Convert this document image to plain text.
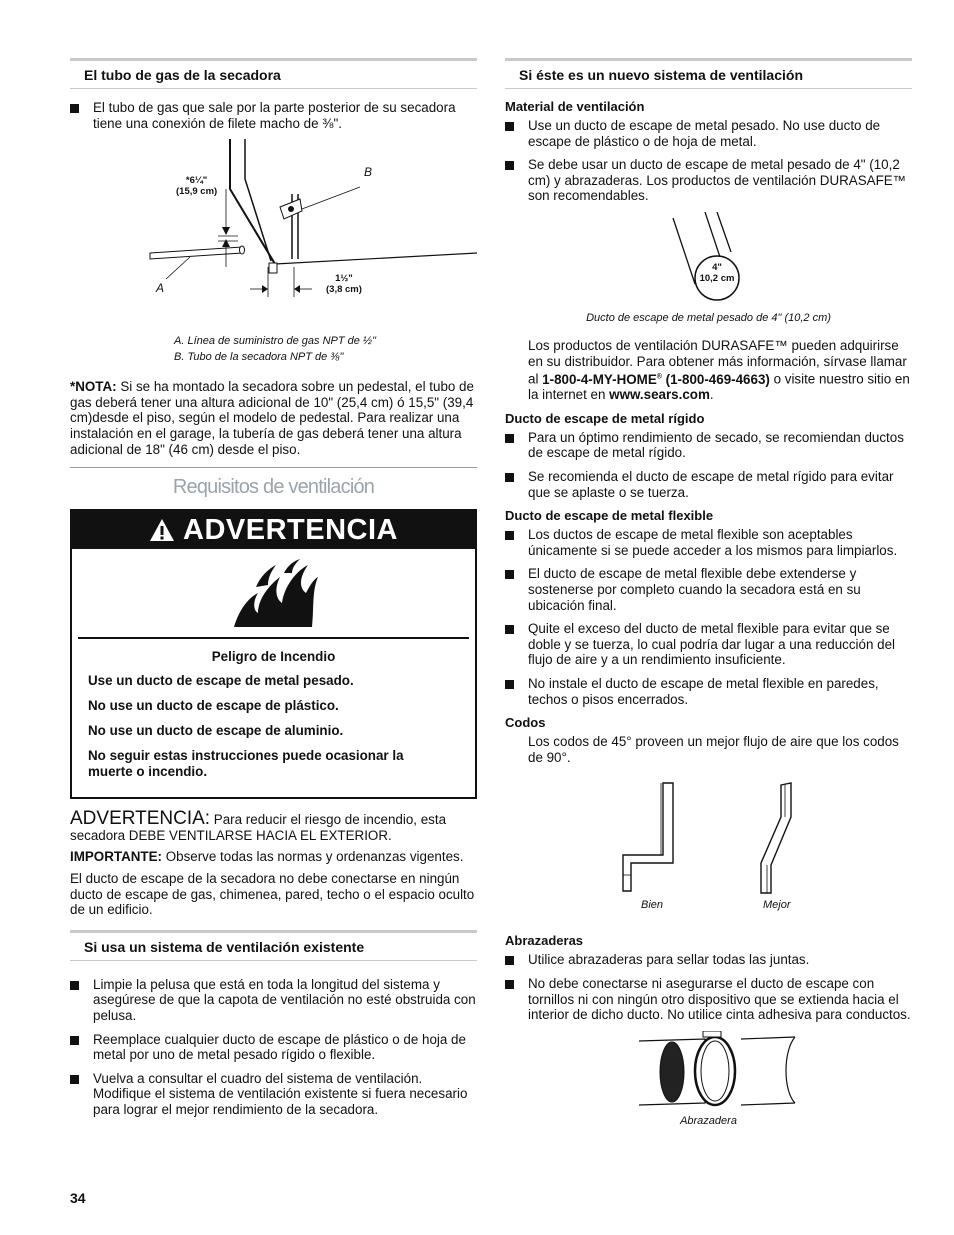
El tubo de gas de la secadora
El tubo de gas que sale por la parte posterior de su secadora tiene una conexión de filete macho de ⅜".
*6¼"
(15,9 cm)
B
A
1½"
(3,8 cm)
A. Línea de suministro de gas NPT de ½"
B. Tubo de la secadora NPT de ⅜"

*NOTA: Si se ha montado la secadora sobre un pedestal, el tubo de gas deberá tener una altura adicional de 10" (25,4 cm) ó 15,5" (39,4 cm)desde el piso, según el modelo de pedestal. Para realizar una instalación en el garage, la tubería de gas deberá tener una altura adicional de 18" (46 cm) desde el piso.

Requisitos de ventilación
ADVERTENCIA
Peligro de Incendio

Use un ducto de escape de metal pesado.

No use un ducto de escape de plástico.

No use un ducto de escape de aluminio.

No seguir estas instrucciones puede ocasionar la muerte o incendio.

ADVERTENCIA: Para reducir el riesgo de incendio, esta secadora DEBE VENTILARSE HACIA EL EXTERIOR.

IMPORTANTE: Observe todas las normas y ordenanzas vigentes.

El ducto de escape de la secadora no debe conectarse en ningún ducto de escape de gas, chimenea, pared, techo o el espacio oculto de un edificio.

Si usa un sistema de ventilación existente
Limpie la pelusa que está en toda la longitud del sistema y asegúrese de que la capota de ventilación no esté obstruida con pelusa.
Reemplace cualquier ducto de escape de plástico o de hoja de metal por uno de metal pesado rígido o flexible.
Vuelva a consultar el cuadro del sistema de ventilación. Modifique el sistema de ventilación existente si fuera necesario para lograr el mejor rendimiento de la secadora.
34
Si éste es un nuevo sistema de ventilación
Material de ventilación
Use un ducto de escape de metal pesado. No use ducto de escape de plástico o de hoja de metal.
Se debe usar un ducto de escape de metal pesado de 4" (10,2 cm) y abrazaderas. Los productos de ventilación DURASAFE™ son recomendables.
4"
10,2 cm
Ducto de escape de metal pesado de 4" (10,2 cm)

Los productos de ventilación DURASAFE™ pueden adquirirse en su distribuidor. Para obtener más información, sírvase llamar al 1-800-4-MY-HOME® (1-800-469-4663) o visite nuestro sitio en la internet en www.sears.com.

Ducto de escape de metal rígido
Para un óptimo rendimiento de secado, se recomiendan ductos de escape de metal rígido.
Se recomienda el ducto de escape de metal rígido para evitar que se aplaste o se tuerza.
Ducto de escape de metal flexible
Los ductos de escape de metal flexible son aceptables únicamente si se puede acceder a los mismos para limpiarlos.
El ducto de escape de metal flexible debe extenderse y sostenerse por completo cuando la secadora está en su ubicación final.
Quite el exceso del ducto de metal flexible para evitar que se doble y se tuerza, lo cual podría dar lugar a una reducción del flujo de aire y a un rendimiento insuficiente.
No instale el ducto de escape de metal flexible en paredes, techos o pisos encerrados.
Codos

Los codos de 45° proveen un mejor flujo de aire que los codos de 90°.

Bien	Mejor
Abrazaderas
Utilice abrazaderas para sellar todas las juntas.
No debe conectarse ni asegurarse el ducto de escape con tornillos ni con ningún otro dispositivo que se extienda hacia el interior de dicho ducto. No utilice cinta adhesiva para conductos.
Abrazadera
